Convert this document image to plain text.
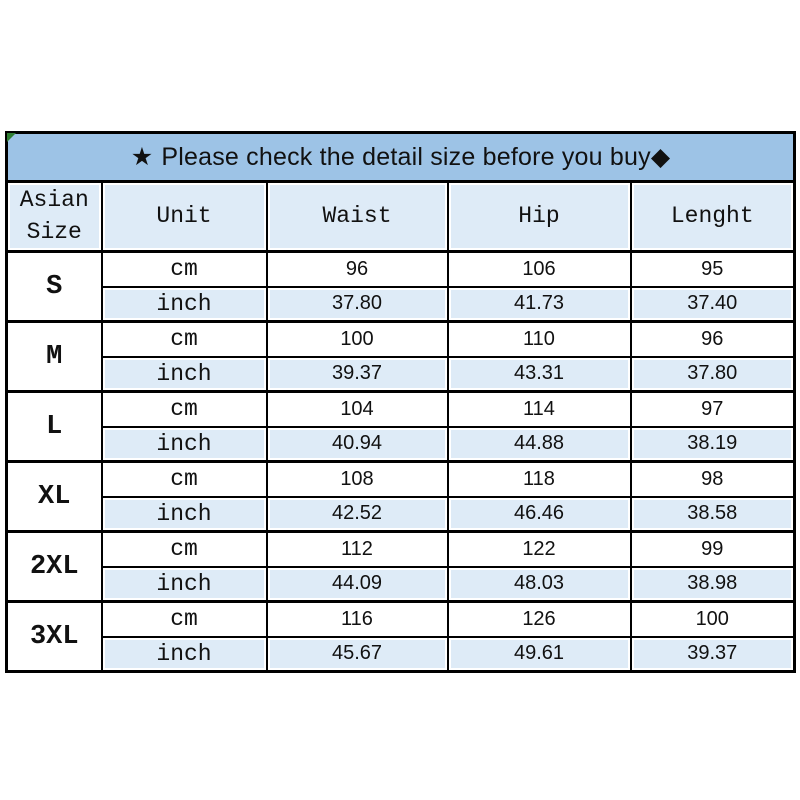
★ Please check the detail size before you buy◆				
Asian Size	Unit	Waist	Hip	Lenght
S	cm	96	106	95
	inch	37.80	41.73	37.40
M	cm	100	110	96
	inch	39.37	43.31	37.80
L	cm	104	114	97
	inch	40.94	44.88	38.19
XL	cm	108	118	98
	inch	42.52	46.46	38.58
2XL	cm	112	122	99
	inch	44.09	48.03	38.98
3XL	cm	116	126	100
	inch	45.67	49.61	39.37
